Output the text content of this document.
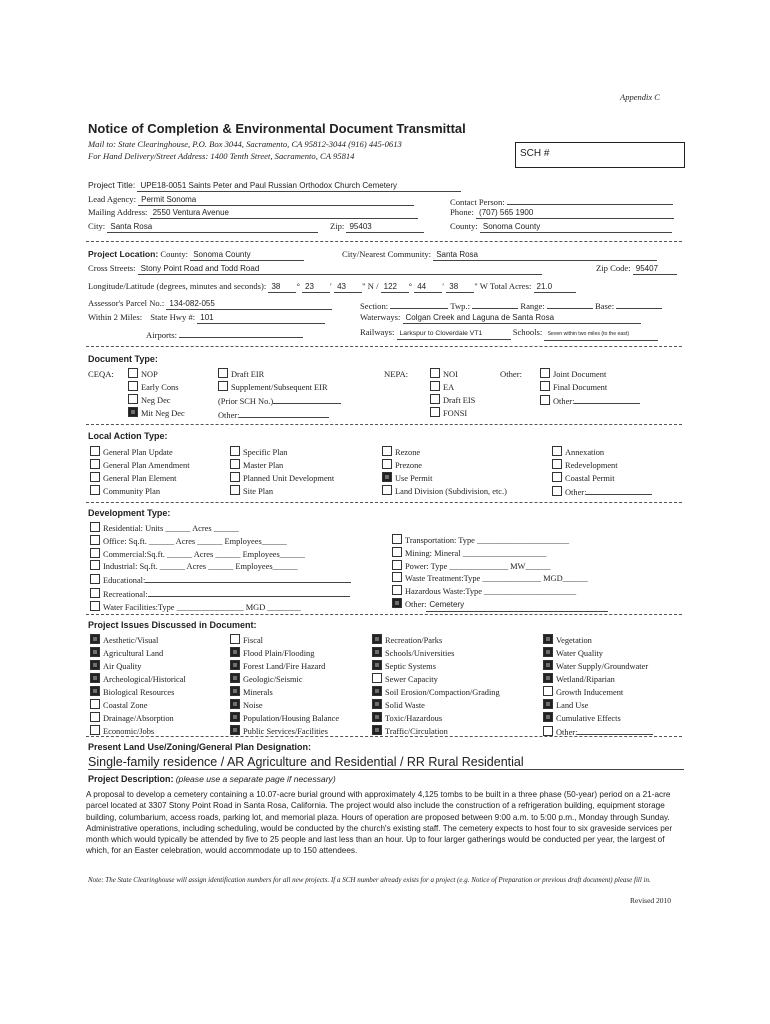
Appendix C
Notice of Completion & Environmental Document Transmittal
Mail to: State Clearinghouse, P.O. Box 3044, Sacramento, CA 95812-3044 (916) 445-0613
For Hand Delivery/Street Address: 1400 Tenth Street, Sacramento, CA 95814	SCH #
Project Title: UPE18-0051 Saints Peter and Paul Russian Orthodox Church Cemetery
Lead Agency: Permit Sonoma	Contact Person:
Mailing Address: 2550 Ventura Avenue	Phone: (707) 565 1900
City: Santa Rosa	Zip: 95403	County: Sonoma County
Project Location: County: Sonoma County	City/Nearest Community: Santa Rosa
Cross Streets: Stony Point Road and Todd Road	Zip Code: 95407
Longitude/Latitude (degrees, minutes and seconds): 38 ° 23 ′ 43 " N / 122 ° 44 ′ 38 " W Total Acres: 21.0
Assessor's Parcel No.: 134-082-055	Section:	Twp.:	Range:	Base:
Within 2 Miles: State Hwy #: 101	Waterways: Colgan Creek and Laguna de Santa Rosa
Airports:	Railways: Larkspur to Cloverdale VT1	Schools: Seven within two miles (to the east)
Document Type:
CEQA:	NOP
Early Cons
Neg Dec
Mit Neg Dec
Draft EIR
Supplement/Subsequent EIR
(Prior SCH No.)
Other:
NEPA:	NOI
EA
Draft EIS
FONSI
Other:	Joint Document
Final Document
Other:
Local Action Type:
General Plan Update
General Plan Amendment
General Plan Element
Community Plan
Specific Plan
Master Plan
Planned Unit Development
Site Plan
Rezone
Prezone
Use Permit
Land Division (Subdivision, etc.)
Annexation
Redevelopment
Coastal Permit
Other:
Development Type:
Residential: Units ______ Acres ______
Office: Sq.ft. ______ Acres ______ Employees______
Commercial:Sq.ft. ______ Acres ______ Employees______
Industrial: Sq.ft. ______ Acres ______ Employees______
Educational:
Recreational:
Water Facilities:Type ________________ MGD ________
Transportation: Type ______________________
Mining: Mineral ____________________
Power: Type ______________ MW______
Waste Treatment:Type ______________ MGD______
Hazardous Waste:Type ______________________
Other: Cemetery
Project Issues Discussed in Document:
Aesthetic/Visual
Agricultural Land
Air Quality
Archeological/Historical
Biological Resources
Coastal Zone
Drainage/Absorption
Economic/Jobs
Fiscal
Flood Plain/Flooding
Forest Land/Fire Hazard
Geologic/Seismic
Minerals
Noise
Population/Housing Balance
Public Services/Facilities
Recreation/Parks
Schools/Universities
Septic Systems
Sewer Capacity
Soil Erosion/Compaction/Grading
Solid Waste
Toxic/Hazardous
Traffic/Circulation
Vegetation
Water Quality
Water Supply/Groundwater
Wetland/Riparian
Growth Inducement
Land Use
Cumulative Effects
Other:
Present Land Use/Zoning/General Plan Designation:
Single-family residence / AR Agriculture and Residential / RR Rural Residential
Project Description: (please use a separate page if necessary)
A proposal to develop a cemetery containing a 10.07-acre burial ground with approximately 4,125 tombs to be built in a three phase (50-year) period on a 21-acre parcel located at 3307 Stony Point Road in Santa Rosa, California. The project would also include the construction of a refrigeration building, equipment storage building, columbarium, access roads, parking lot, and memorial plaza. Hours of operation are proposed between 9:00 a.m. to 5:00 p.m., Monday through Sunday. Administrative operations, including scheduling, would be conducted by the church's existing staff. The cemetery expects to host four to six graveside services per month which would typically be attended by five to 25 people and last less than an hour. Up to four larger gatherings would be conducted per year, the largest of which, for an Easter celebration, would accommodate up to 150 attendees.
Note: The State Clearinghouse will assign identification numbers for all new projects. If a SCH number already exists for a project (e.g. Notice of Preparation or previous draft document) please fill in.
Revised 2010
